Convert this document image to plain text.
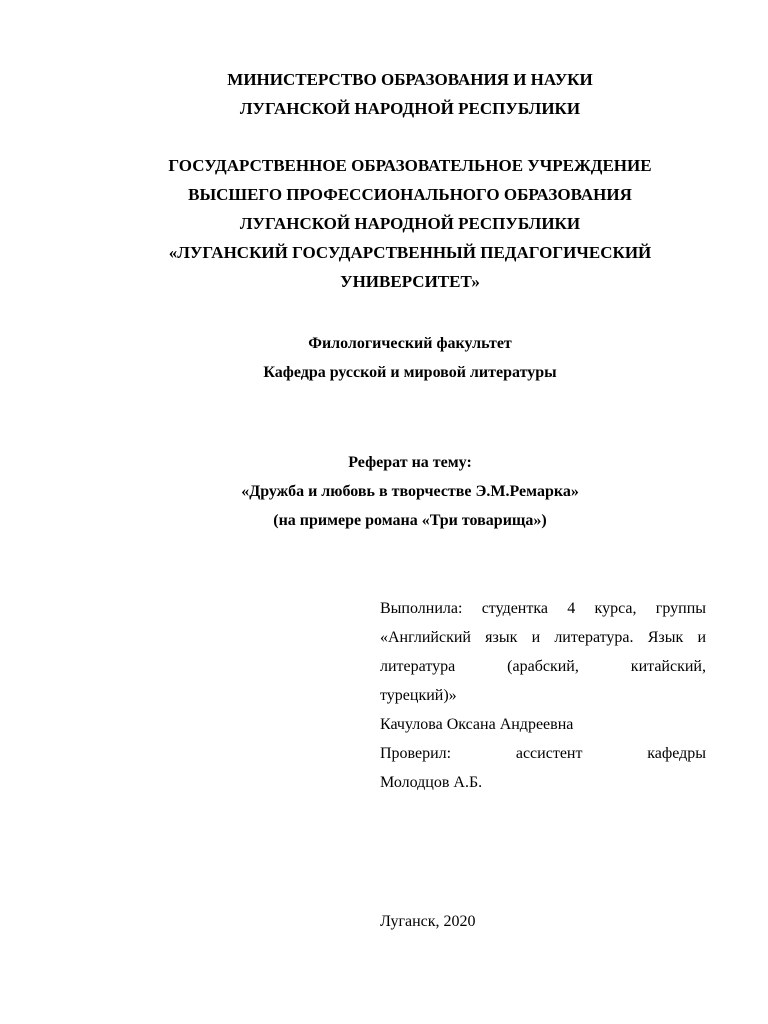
МИНИСТЕРСТВО ОБРАЗОВАНИЯ И НАУКИ
ЛУГАНСКОЙ НАРОДНОЙ РЕСПУБЛИКИ
ГОСУДАРСТВЕННОЕ ОБРАЗОВАТЕЛЬНОЕ УЧРЕЖДЕНИЕ
ВЫСШЕГО ПРОФЕССИОНАЛЬНОГО ОБРАЗОВАНИЯ
ЛУГАНСКОЙ НАРОДНОЙ РЕСПУБЛИКИ
«ЛУГАНСКИЙ ГОСУДАРСТВЕННЫЙ ПЕДАГОГИЧЕСКИЙ
УНИВЕРСИТЕТ»
Филологический факультет
Кафедра русской и мировой литературы
Реферат на тему:
«Дружба и любовь в творчестве Э.М.Ремарка»
(на примере романа «Три товарища»)
Выполнила: студентка 4 курса, группы
«Английский язык и литература. Язык и
литература (арабский, китайский,
турецкий)»
Качулова Оксана Андреевна
Проверил: ассистент кафедры
Молодцов А.Б.
Луганск, 2020
